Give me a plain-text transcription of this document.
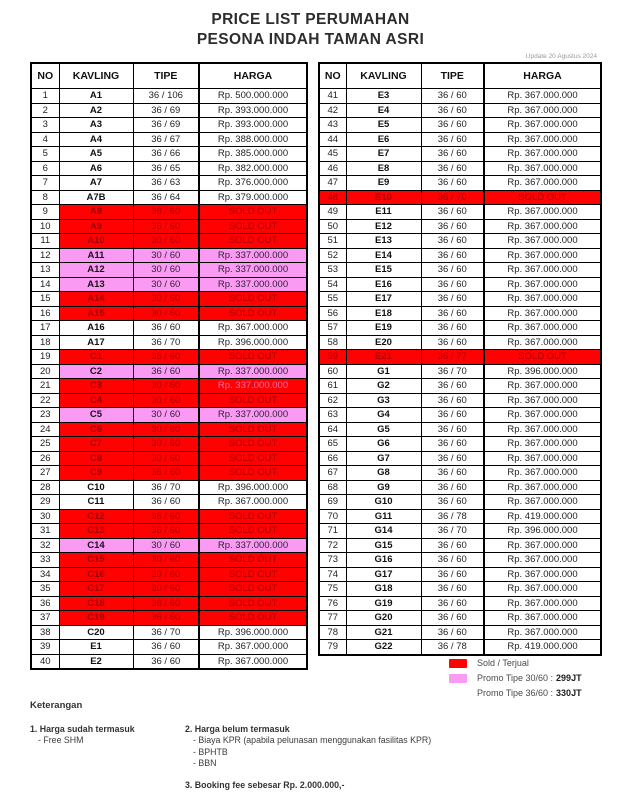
PRICE LIST PERUMAHAN
PESONA INDAH TAMAN ASRI
Update 20 Agustus 2024
NO	KAVLING	TIPE	HARGA
1	A1	36 / 106	Rp. 500.000.000
2	A2	36 / 69	Rp. 393.000.000
3	A3	36 / 69	Rp. 393.000.000
4	A4	36 / 67	Rp. 388.000.000
5	A5	36 / 66	Rp. 385.000.000
6	A6	36 / 65	Rp. 382.000.000
7	A7	36 / 63	Rp. 376.000.000
8	A7B	36 / 64	Rp. 379.000.000
9	A8	36 / 60	SOLD OUT
10	A9	36 / 60	SOLD OUT
11	A10	30 / 60	SOLD OUT
12	A11	30 / 60	Rp. 337.000.000
13	A12	30 / 60	Rp. 337.000.000
14	A13	30 / 60	Rp. 337.000.000
15	A14	30 / 60	SOLD OUT
16	A15	30 / 60	SOLD OUT
17	A16	36 / 60	Rp. 367.000.000
18	A17	36 / 70	Rp. 396.000.000
19	C1	36 / 60	SOLD OUT
20	C2	36 / 60	Rp. 337.000.000
21	C3	30 / 60	Rp. 337.000.000
22	C4	30 / 60	SOLD OUT
23	C5	30 / 60	Rp. 337.000.000
24	C6	30 / 60	SOLD OUT
25	C7	30 / 60	SOLD OUT
26	C8	30 / 60	SOLD OUT
27	C9	36 / 60	SOLD OUT
28	C10	36 / 70	Rp. 396.000.000
29	C11	36 / 60	Rp. 367.000.000
30	C12	36 / 60	SOLD OUT
31	C13	36 / 60	SOLD OUT
32	C14	30 / 60	Rp. 337.000.000
33	C15	30 / 60	SOLD OUT
34	C16	30 / 60	SOLD OUT
35	C17	30 / 60	SOLD OUT
36	C18	36 / 60	SOLD OUT
37	C19	36 / 60	SOLD OUT
38	C20	36 / 70	Rp. 396.000.000
39	E1	36 / 60	Rp. 367.000.000
40	E2	36 / 60	Rp. 367.000.000
NO	KAVLING	TIPE	HARGA
41	E3	36 / 60	Rp. 367.000.000
42	E4	36 / 60	Rp. 367.000.000
43	E5	36 / 60	Rp. 367.000.000
44	E6	36 / 60	Rp. 367.000.000
45	E7	36 / 60	Rp. 367.000.000
46	E8	36 / 60	Rp. 367.000.000
47	E9	36 / 60	Rp. 367.000.000
48	E10	36 / 70	SOLD OUT
49	E11	36 / 60	Rp. 367.000.000
50	E12	36 / 60	Rp. 367.000.000
51	E13	36 / 60	Rp. 367.000.000
52	E14	36 / 60	Rp. 367.000.000
53	E15	36 / 60	Rp. 367.000.000
54	E16	36 / 60	Rp. 367.000.000
55	E17	36 / 60	Rp. 367.000.000
56	E18	36 / 60	Rp. 367.000.000
57	E19	36 / 60	Rp. 367.000.000
58	E20	36 / 60	Rp. 367.000.000
59	E21	36 / 77	SOLD OUT
60	G1	36 / 70	Rp. 396.000.000
61	G2	36 / 60	Rp. 367.000.000
62	G3	36 / 60	Rp. 367.000.000
63	G4	36 / 60	Rp. 367.000.000
64	G5	36 / 60	Rp. 367.000.000
65	G6	36 / 60	Rp. 367.000.000
66	G7	36 / 60	Rp. 367.000.000
67	G8	36 / 60	Rp. 367.000.000
68	G9	36 / 60	Rp. 367.000.000
69	G10	36 / 60	Rp. 367.000.000
70	G11	36 / 78	Rp. 419.000.000
71	G14	36 / 70	Rp. 396.000.000
72	G15	36 / 60	Rp. 367.000.000
73	G16	36 / 60	Rp. 367.000.000
74	G17	36 / 60	Rp. 367.000.000
75	G18	36 / 60	Rp. 367.000.000
76	G19	36 / 60	Rp. 367.000.000
77	G20	36 / 60	Rp. 367.000.000
78	G21	36 / 60	Rp. 367.000.000
79	G22	36 / 78	Rp. 419.000.000
Sold / Terjual
Promo Tipe 30/60 : 299JT
Promo Tipe 36/60 : 330JT
Keterangan
1. Harga sudah termasuk
- Free SHM
2. Harga belum termasuk
- Biaya KPR (apabila pelunasan menggunakan fasilitas KPR)
- BPHTB
- BBN
3. Booking fee sebesar Rp. 2.000.000,-
